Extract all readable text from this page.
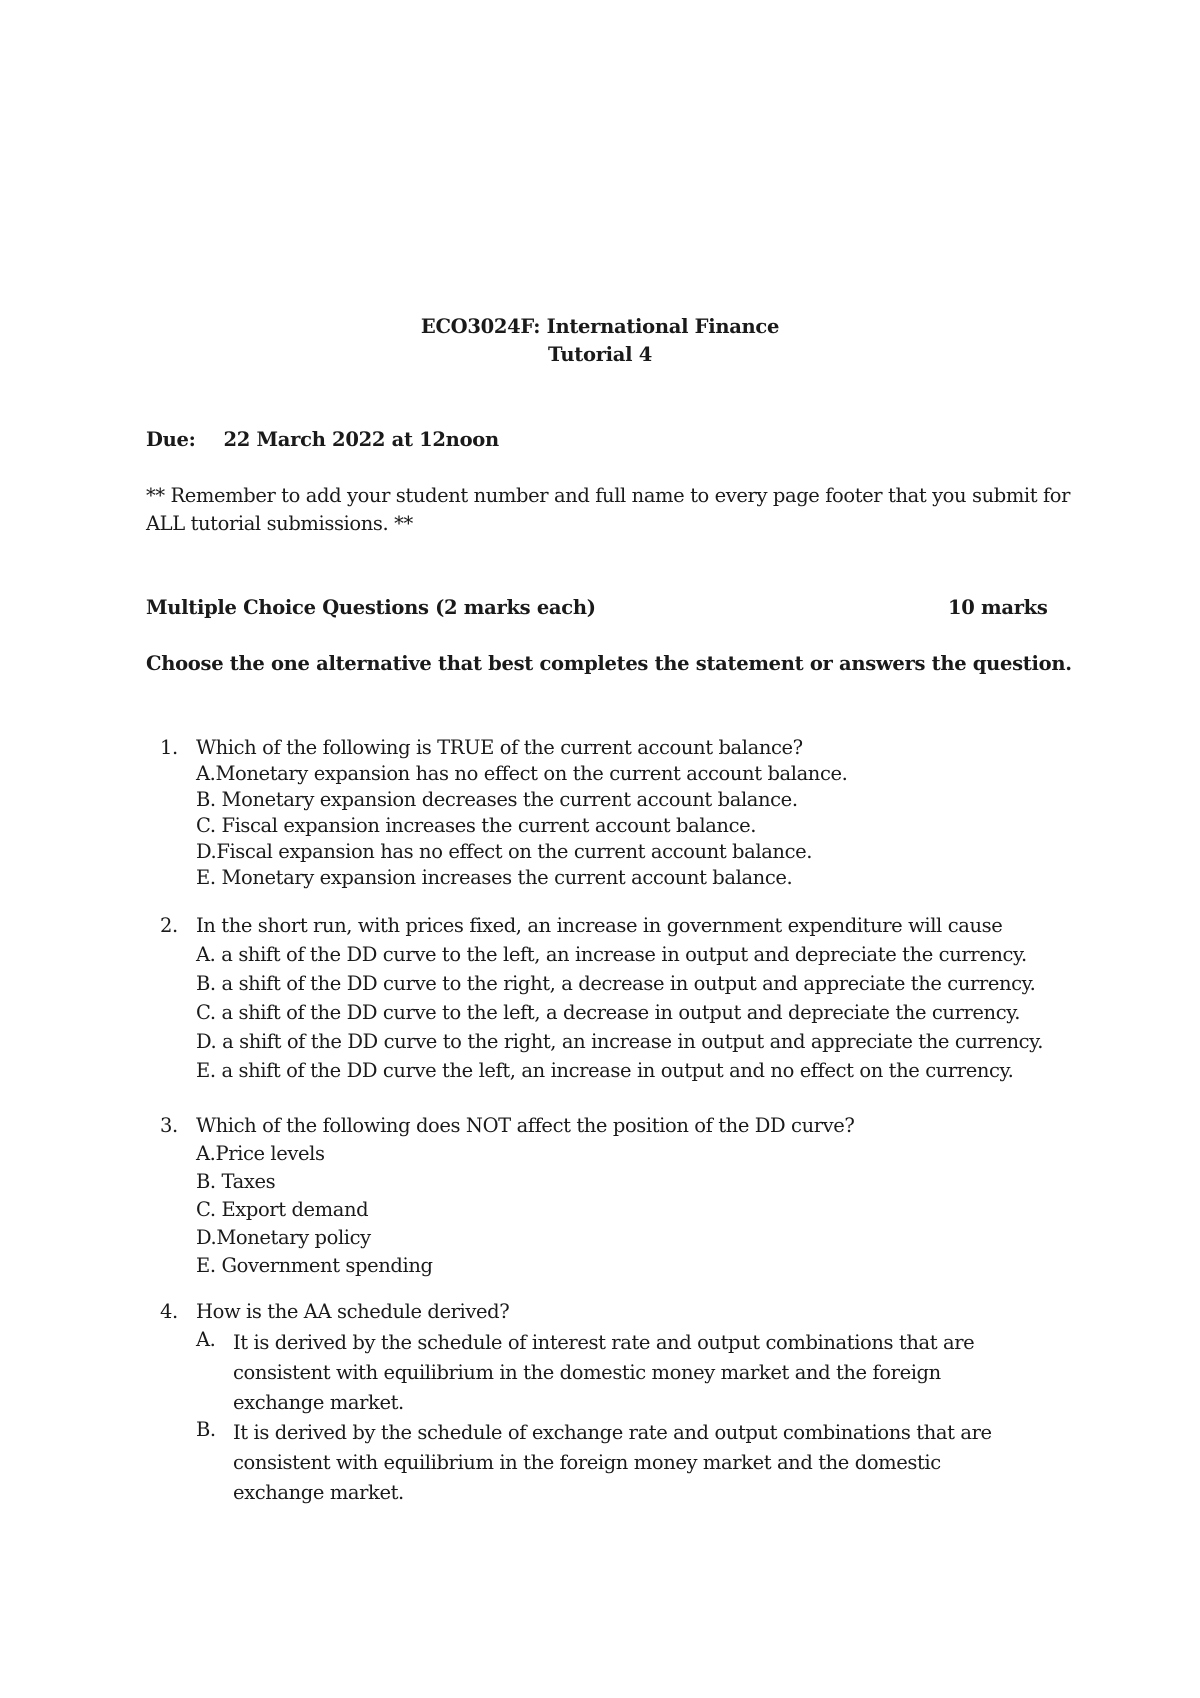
ECO3024F: International Finance
Tutorial 4
Due: 22 March 2022 at 12noon
** Remember to add your student number and full name to every page footer that you submit for ALL tutorial submissions. **
Multiple Choice Questions (2 marks each)	10 marks
Choose the one alternative that best completes the statement or answers the question.
1. Which of the following is TRUE of the current account balance?
A.Monetary expansion has no effect on the current account balance.
B. Monetary expansion decreases the current account balance.
C. Fiscal expansion increases the current account balance.
D.Fiscal expansion has no effect on the current account balance.
E. Monetary expansion increases the current account balance.
2. In the short run, with prices fixed, an increase in government expenditure will cause
A. a shift of the DD curve to the left, an increase in output and depreciate the currency.
B. a shift of the DD curve to the right, a decrease in output and appreciate the currency.
C. a shift of the DD curve to the left, a decrease in output and depreciate the currency.
D. a shift of the DD curve to the right, an increase in output and appreciate the currency.
E. a shift of the DD curve the left, an increase in output and no effect on the currency.
3. Which of the following does NOT affect the position of the DD curve?
A.Price levels
B. Taxes
C. Export demand
D.Monetary policy
E. Government spending
4. How is the AA schedule derived?
A. It is derived by the schedule of interest rate and output combinations that are consistent with equilibrium in the domestic money market and the foreign exchange market.
B. It is derived by the schedule of exchange rate and output combinations that are consistent with equilibrium in the foreign money market and the domestic exchange market.
